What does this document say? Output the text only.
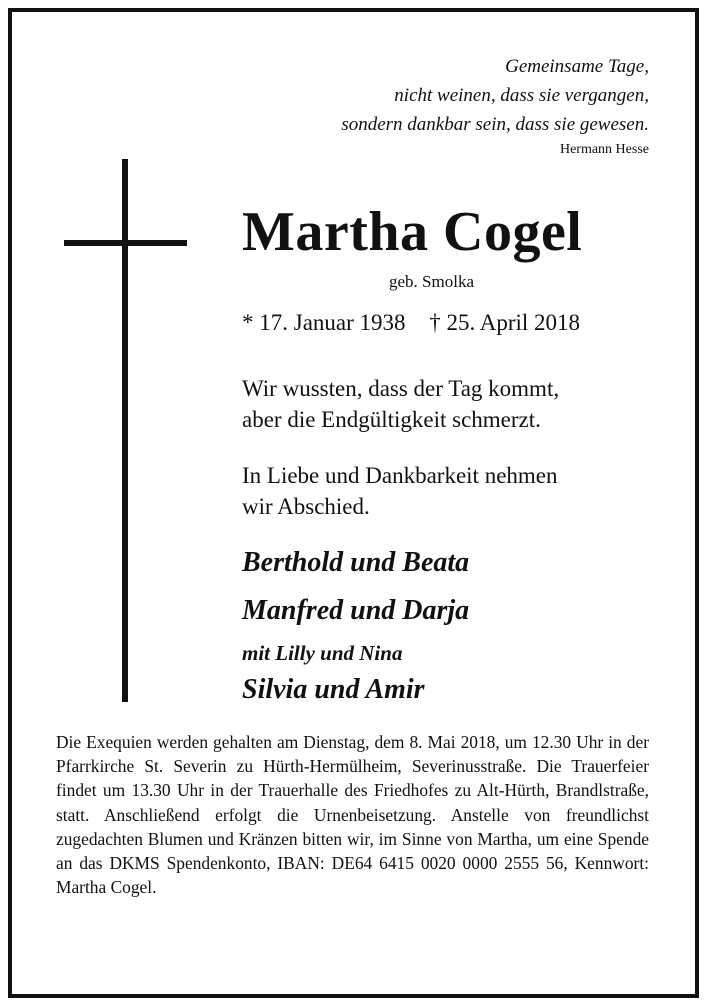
Gemeinsame Tage,
nicht weinen, dass sie vergangen,
sondern dankbar sein, dass sie gewesen.
Hermann Hesse
Martha Cogel
geb. Smolka
* 17. Januar 1938 † 25. April 2018
Wir wussten, dass der Tag kommt,
aber die Endgültigkeit schmerzt.
In Liebe und Dankbarkeit nehmen
wir Abschied.
Berthold und Beata
Manfred und Darja
mit Lilly und Nina
Silvia und Amir
Die Exequien werden gehalten am Dienstag, dem 8. Mai 2018, um 12.30 Uhr in der Pfarrkirche St. Severin zu Hürth-Hermülheim, Severinusstraße. Die Trauerfeier findet um 13.30 Uhr in der Trauerhalle des Friedhofes zu Alt-Hürth, Brandlstraße, statt. Anschließend erfolgt die Urnenbeisetzung. Anstelle von freundlichst zugedachten Blumen und Kränzen bitten wir, im Sinne von Martha, um eine Spende an das DKMS Spendenkonto, IBAN: DE64 6415 0020 0000 2555 56, Kennwort: Martha Cogel.
